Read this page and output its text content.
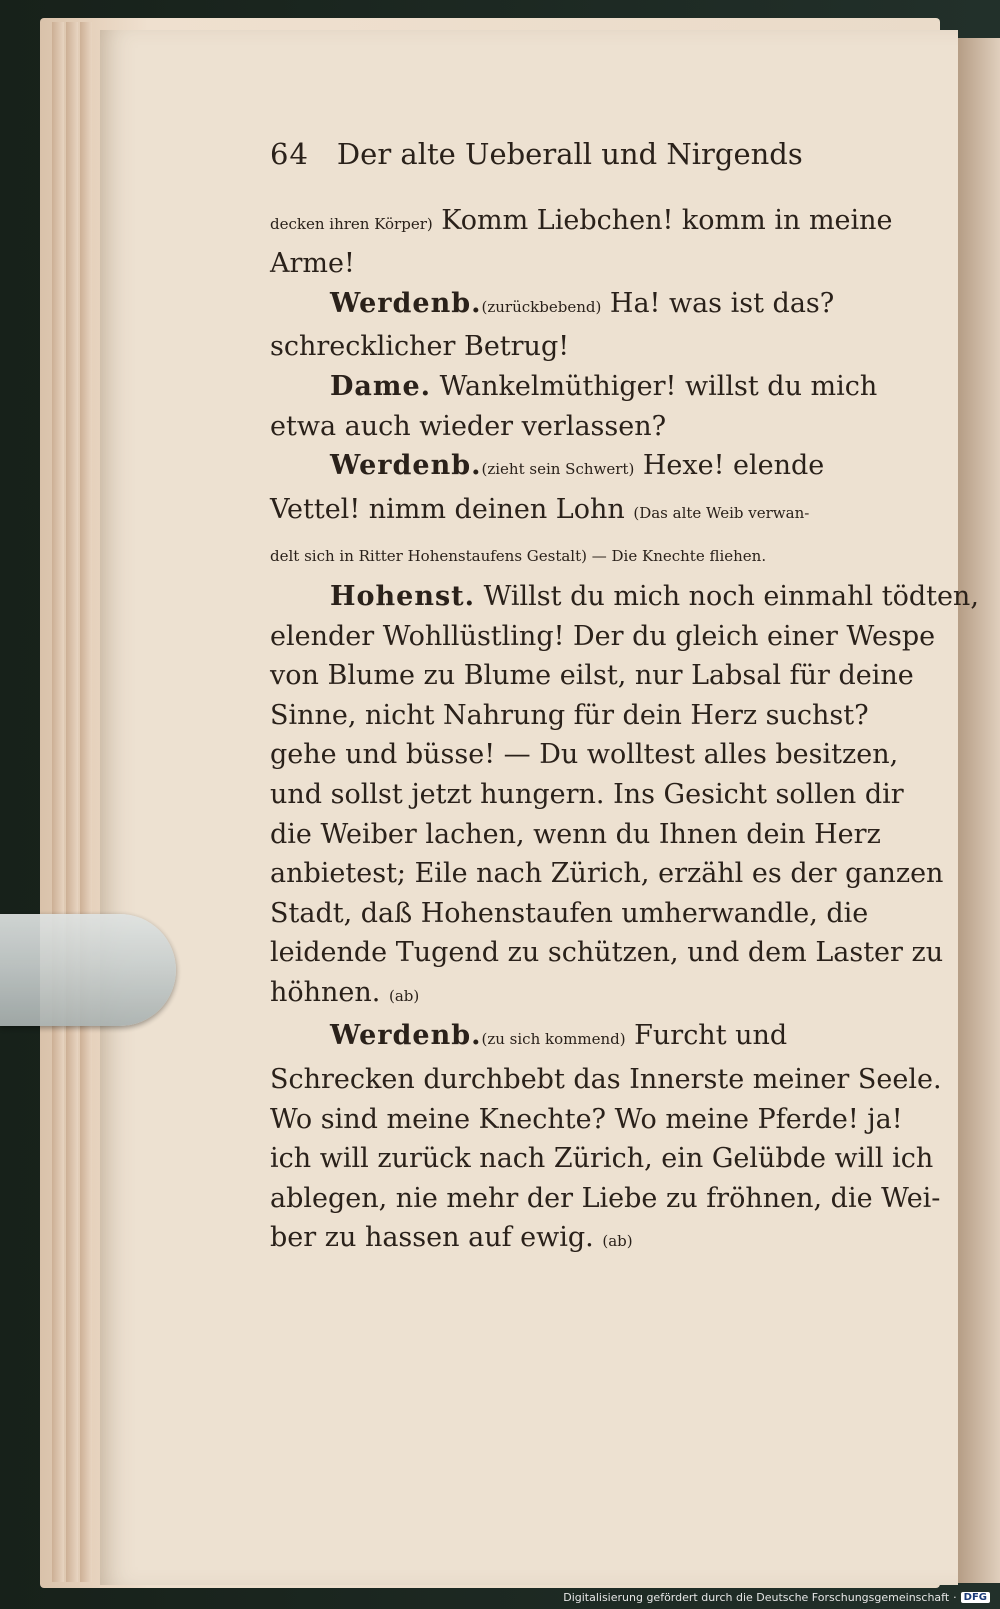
64 Der alte Ueberall und Nirgends
decken ihren Körper) Komm Liebchen! komm in meine
Arme!
Werdenb.(zurückbebend) Ha! was ist das?
schrecklicher Betrug!
Dame. Wankelmüthiger! willst du mich
etwa auch wieder verlassen?
Werdenb.(zieht sein Schwert) Hexe! elende
Vettel! nimm deinen Lohn (Das alte Weib verwan-
delt sich in Ritter Hohenstaufens Gestalt) — Die Knechte fliehen.
Hohenst. Willst du mich noch einmahl tödten,
elender Wohllüstling! Der du gleich einer Wespe
von Blume zu Blume eilst, nur Labsal für deine
Sinne, nicht Nahrung für dein Herz suchst?
gehe und büsse! — Du wolltest alles besitzen,
und sollst jetzt hungern. Ins Gesicht sollen dir
die Weiber lachen, wenn du Ihnen dein Herz
anbietest; Eile nach Zürich, erzähl es der ganzen
Stadt, daß Hohenstaufen umherwandle, die
leidende Tugend zu schützen, und dem Laster zu
höhnen. (ab)
Werdenb.(zu sich kommend) Furcht und
Schrecken durchbebt das Innerste meiner Seele.
Wo sind meine Knechte? Wo meine Pferde! ja!
ich will zurück nach Zürich, ein Gelübde will ich
ablegen, nie mehr der Liebe zu fröhnen, die Wei-
ber zu hassen auf ewig. (ab)
Digitalisierung gefördert durch die Deutsche Forschungsgemeinschaft · DFG
